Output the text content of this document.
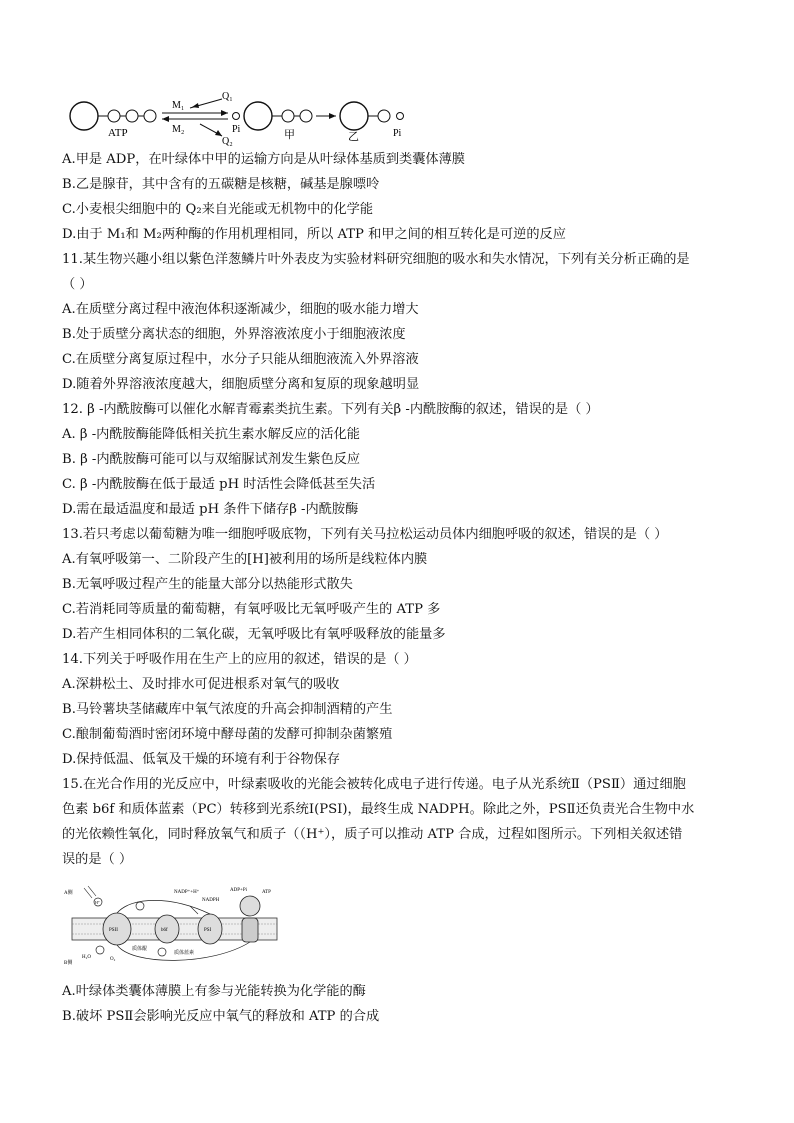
ATP
M₁
M₂
Q₁
Q₂
Pi	甲	乙	Pi
A.甲是 ADP，在叶绿体中甲的运输方向是从叶绿体基质到类囊体薄膜
B.乙是腺苷，其中含有的五碳糖是核糖，碱基是腺嘌呤
C.小麦根尖细胞中的 Q₂来自光能或无机物中的化学能
D.由于 M₁和 M₂两种酶的作用机理相同，所以 ATP 和甲之间的相互转化是可逆的反应
11.某生物兴趣小组以紫色洋葱鳞片叶外表皮为实验材料研究细胞的吸水和失水情况，下列有关分析正确的是
（ ）
A.在质壁分离过程中液泡体积逐渐减少，细胞的吸水能力增大
B.处于质壁分离状态的细胞，外界溶液浓度小于细胞液浓度
C.在质壁分离复原过程中，水分子只能从细胞液流入外界溶液
D.随着外界溶液浓度越大，细胞质壁分离和复原的现象越明显
12. β -内酰胺酶可以催化水解青霉素类抗生素。下列有关β -内酰胺酶的叙述，错误的是（ ）
A. β -内酰胺酶能降低相关抗生素水解反应的活化能
B. β -内酰胺酶可能可以与双缩脲试剂发生紫色反应
C. β -内酰胺酶在低于最适 pH 时活性会降低甚至失活
D.需在最适温度和最适 pH 条件下储存β -内酰胺酶
13.若只考虑以葡萄糖为唯一细胞呼吸底物，下列有关马拉松运动员体内细胞呼吸的叙述，错误的是（ ）
A.有氧呼吸第一、二阶段产生的[H]被利用的场所是线粒体内膜
B.无氧呼吸过程产生的能量大部分以热能形式散失
C.若消耗同等质量的葡萄糖，有氧呼吸比无氧呼吸产生的 ATP 多
D.若产生相同体积的二氧化碳，无氧呼吸比有氧呼吸释放的能量多
14.下列关于呼吸作用在生产上的应用的叙述，错误的是（ ）
A.深耕松土、及时排水可促进根系对氧气的吸收
B.马铃薯块茎储藏库中氧气浓度的升高会抑制酒精的产生
C.酿制葡萄酒时密闭环境中酵母菌的发酵可抑制杂菌繁殖
D.保持低温、低氧及干燥的环境有利于谷物保存
15.在光合作用的光反应中，叶绿素吸收的光能会被转化成电子进行传递。电子从光系统Ⅱ（PSⅡ）通过细胞
色素 b6f 和质体蓝素（PC）转移到光系统Ⅰ(PSI)，最终生成 NADPH。除此之外，PSⅡ还负责光合生物中水
的光依赖性氧化，同时释放氧气和质子（（H⁺），质子可以推动 ATP 合成，过程如图所示。下列相关叙述错
误的是（ ）
A侧
B侧
PSII	b6f	PSI
ADP+Pi	ATP
NADP⁺+H⁺
NADPH
H⁺
H₂O	O₂
质体醌
质体蓝素
A.叶绿体类囊体薄膜上有参与光能转换为化学能的酶
B.破坏 PSⅡ会影响光反应中氧气的释放和 ATP 的合成
